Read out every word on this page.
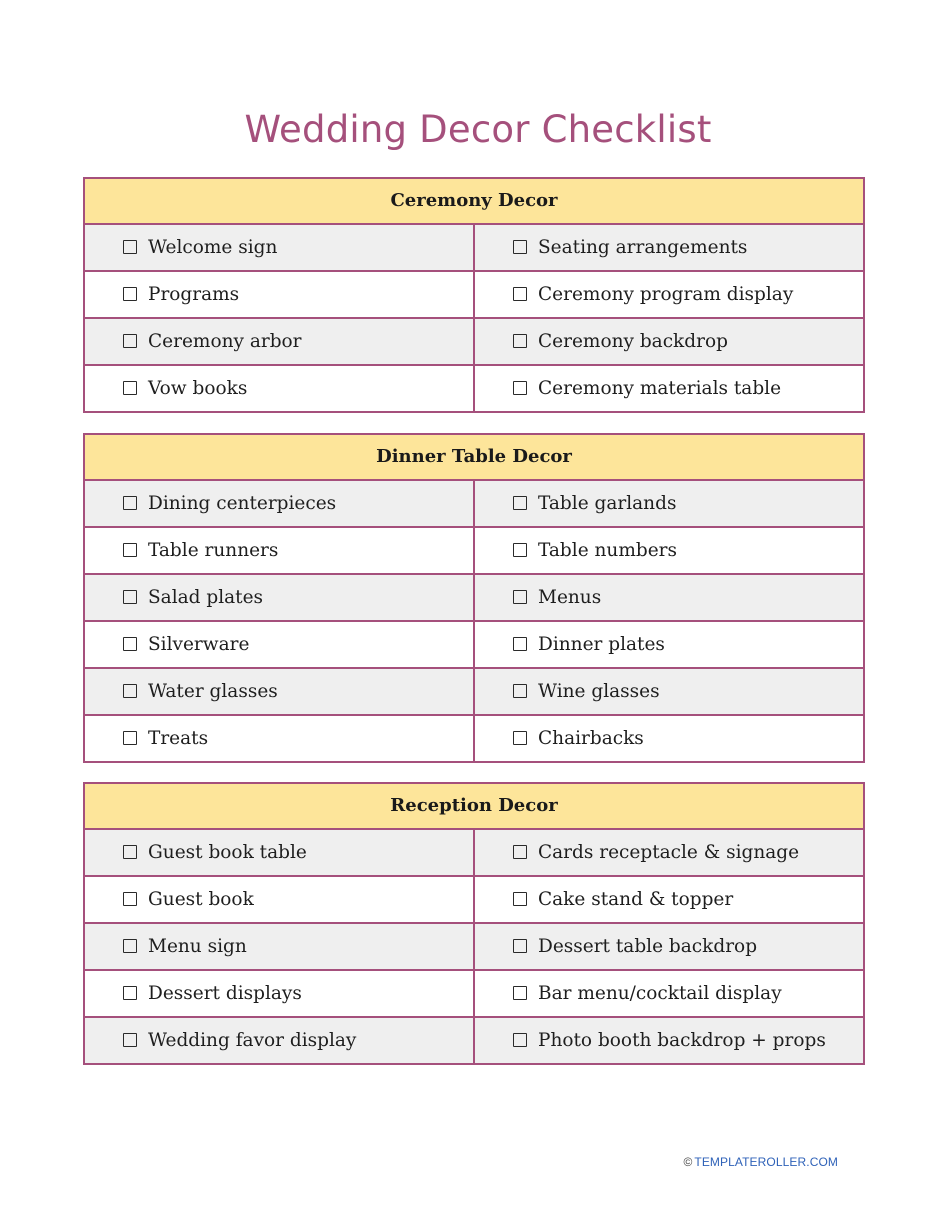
Wedding Decor Checklist
Ceremony Decor
Welcome sign	Seating arrangements
Programs	Ceremony program display
Ceremony arbor	Ceremony backdrop
Vow books	Ceremony materials table
Dinner Table Decor
Dining centerpieces	Table garlands
Table runners	Table numbers
Salad plates	Menus
Silverware	Dinner plates
Water glasses	Wine glasses
Treats	Chairbacks
Reception Decor
Guest book table	Cards receptacle & signage
Guest book	Cake stand & topper
Menu sign	Dessert table backdrop
Dessert displays	Bar menu/cocktail display
Wedding favor display	Photo booth backdrop + props
© TEMPLATEROLLER.COM
